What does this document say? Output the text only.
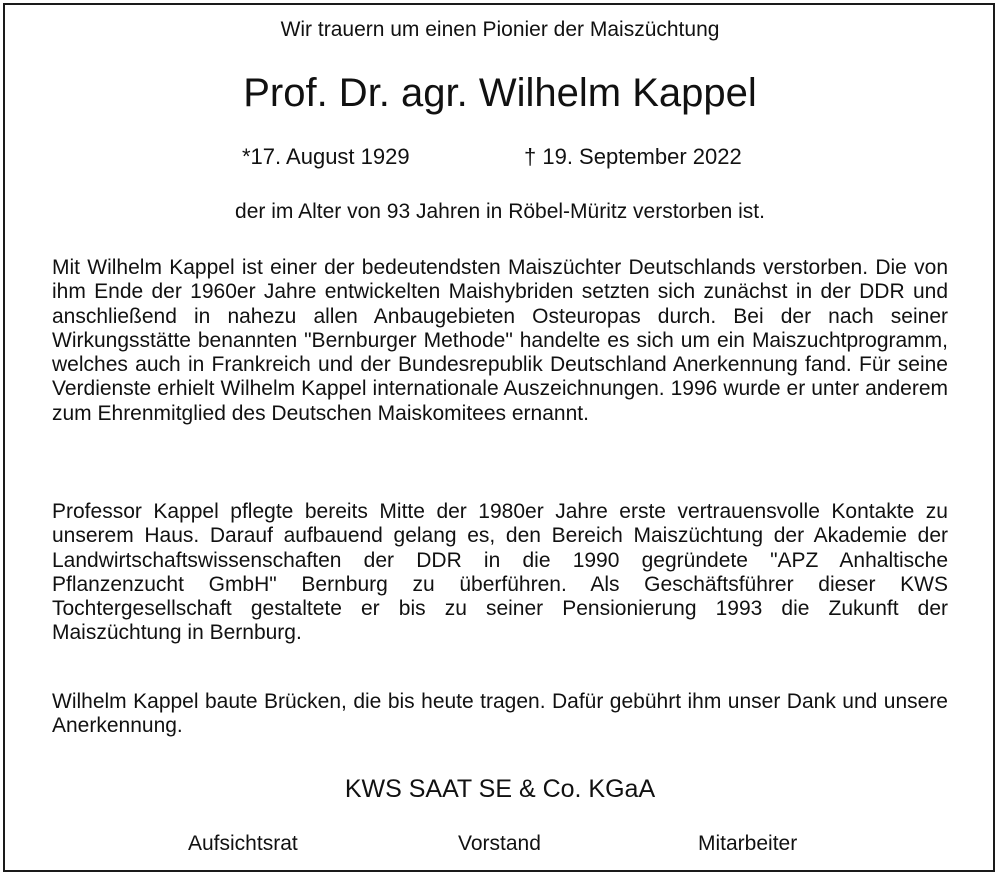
Wir trauern um einen Pionier der Maiszüchtung
Prof. Dr. agr. Wilhelm Kappel
*17. August 1929	† 19. September 2022
der im Alter von 93 Jahren in Röbel-Müritz verstorben ist.
Mit Wilhelm Kappel ist einer der bedeutendsten Maiszüchter Deutschlands verstorben. Die von ihm Ende der 1960er Jahre entwickelten Maishybriden setzten sich zunächst in der DDR und anschließend in nahezu allen Anbaugebieten Osteuropas durch. Bei der nach seiner Wirkungsstätte benannten "Bernburger Methode" handelte es sich um ein Maiszuchtprogramm, welches auch in Frankreich und der Bundesrepublik Deutschland Anerkennung fand. Für seine Verdienste erhielt Wilhelm Kappel internationale Auszeichnungen. 1996 wurde er unter anderem zum Ehrenmitglied des Deutschen Maiskomitees ernannt.
Professor Kappel pflegte bereits Mitte der 1980er Jahre erste vertrauensvolle Kontakte zu unserem Haus. Darauf aufbauend gelang es, den Bereich Maiszüchtung der Akademie der Landwirtschaftswissenschaften der DDR in die 1990 gegründete "APZ Anhaltische Pflanzenzucht GmbH" Bernburg zu überführen. Als Geschäftsführer dieser KWS Tochtergesellschaft gestaltete er bis zu seiner Pensionierung 1993 die Zukunft der Maiszüchtung in Bernburg.
Wilhelm Kappel baute Brücken, die bis heute tragen. Dafür gebührt ihm unser Dank und unsere Anerkennung.
KWS SAAT SE & Co. KGaA
Aufsichtsrat	Vorstand	Mitarbeiter
